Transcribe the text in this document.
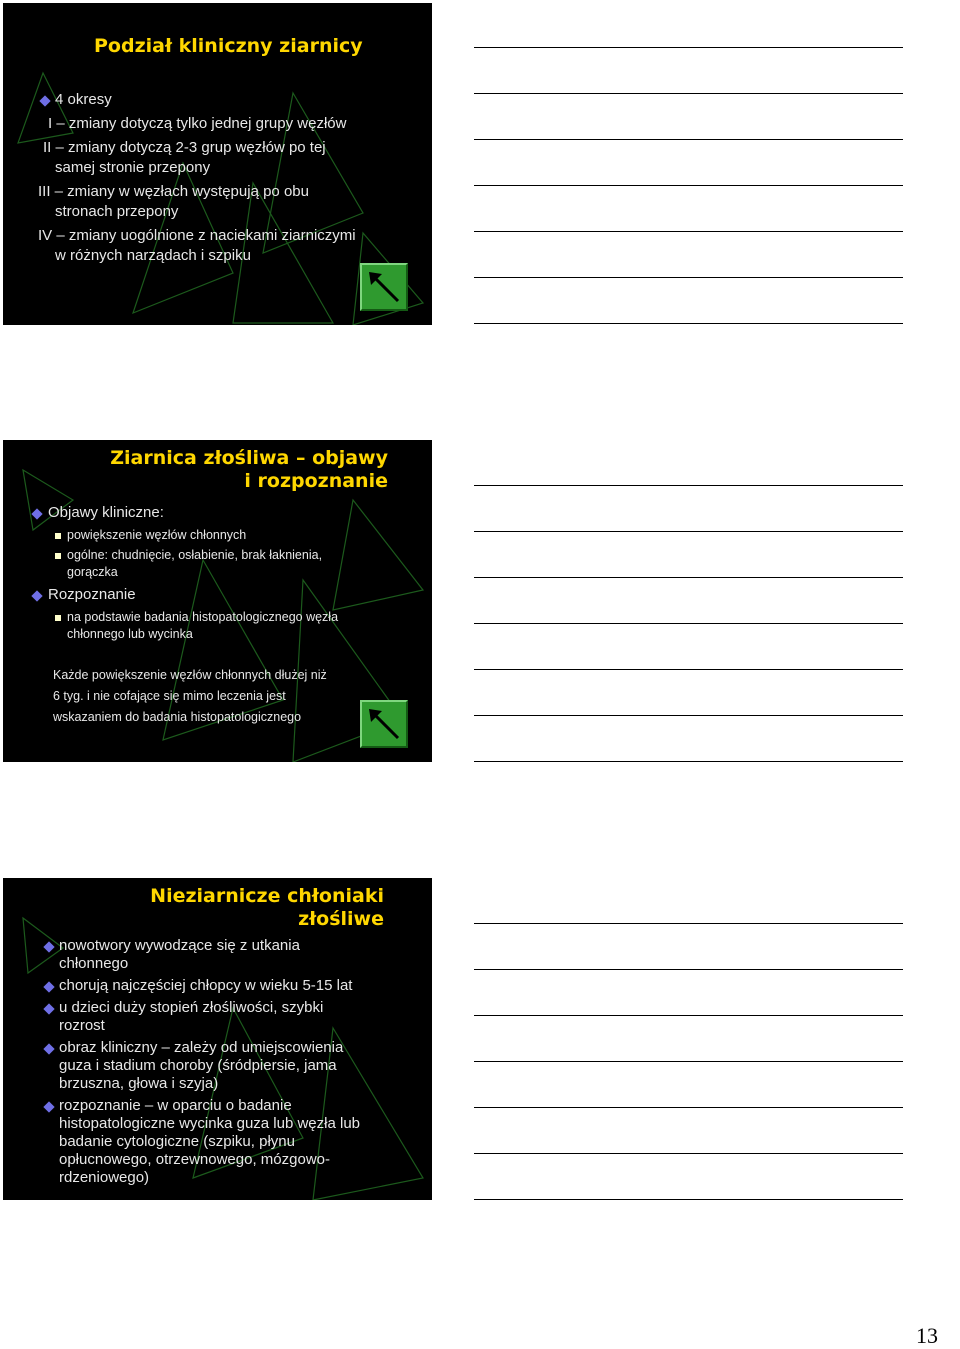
Podział kliniczny ziarnicy

4 okresy

I – zmiany dotyczą tylko jednej grupy węzłów

II – zmiany dotyczą 2-3 grup węzłów po tej

samej stronie przepony

III – zmiany w węzłach występują po obu

stronach przepony

IV – zmiany uogólnione z naciekami ziarniczymi

w różnych narządach i szpiku

Ziarnica złośliwa – objawy
i rozpoznanie

Objawy kliniczne:

powiększenie węzłów chłonnych

ogólne: chudnięcie, osłabienie, brak łaknienia,

gorączka

Rozpoznanie

na podstawie badania histopatologicznego węzła

chłonnego lub wycinka

Każde powiększenie węzłów chłonnych dłużej niż

6 tyg. i nie cofające się mimo leczenia jest

wskazaniem do badania histopatologicznego

Nieziarnicze chłoniaki
złośliwe

nowotwory wywodzące się z utkania

chłonnego

chorują najczęściej chłopcy w wieku 5-15 lat

u dzieci duży stopień złośliwości, szybki

rozrost

obraz kliniczny – zależy od umiejscowienia

guza i stadium choroby (śródpiersie, jama

brzuszna, głowa i szyja)

rozpoznanie – w oparciu o badanie

histopatologiczne wycinka guza lub węzła lub

badanie cytologiczne (szpiku, płynu

opłucnowego, otrzewnowego, mózgowo-

rdzeniowego)

13
